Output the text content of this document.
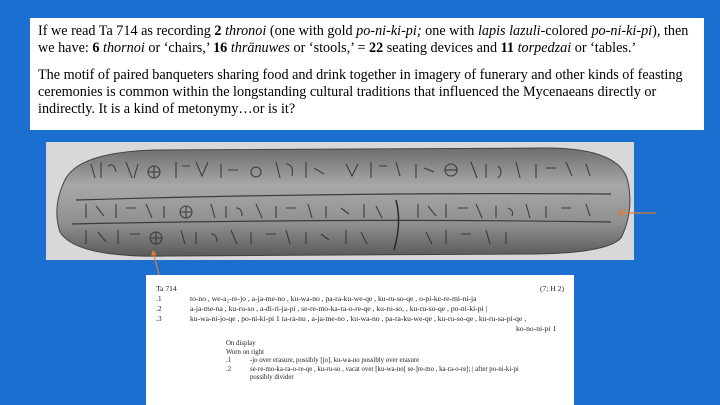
If we read Ta 714 as recording 2 thronoi (one with gold po-ni-ki-pi; one with lapis lazuli-colored po-ni-ki-pi), then we have: 6 thornoi or ‘chairs,’ 16 thrānuwes or ‘stools,’ = 22 seating devices and 11 torpedzai or ‘tables.’

The motif of paired banqueters sharing food and drink together in imagery of funerary and other kinds of feasting ceremonies is common within the longstanding cultural traditions that influenced the Mycenaeans directly or indirectly. It is a kind of metonymy…or is it?

Ta 714	(7; H 2)
.1	to-no , we-a₂-re-jo , a-ja-me-no , ku-wa-no , pa-ra-ku-we-qe , ku-ru-so-qe , o-pi-ke-re-mi-ni-ja
.2	a-ja-me-na , ku-ru-so , a-di-ri-ja-pi , se-re-mo-ka-ra-o-re-qe , ku-ru-so, , ku-ru-so-qe , po-ni-ki-pi |
.3	ku-wa-ni-jo-qe , po-ni-ki-pi 1 ta-ra-nu , a-ja-me-no , ku-wa-no , pa-ra-ku-we-qe , ku-ru-so-qe , ku-ru-sa-pi-qe ,
ko-no-ni-pi 1
On display
Worn on right
.1	-jo over erasure, possibly [jo], ku-wa-no possibly over erasure
.2	se-re-mo-ka-ra-o-re-qe , ku-ru-so , vacat over [ku-wa-no[ se-]re-mo , ka-ra-o-re]; | after po-ni-ki-pi
possibly divider
